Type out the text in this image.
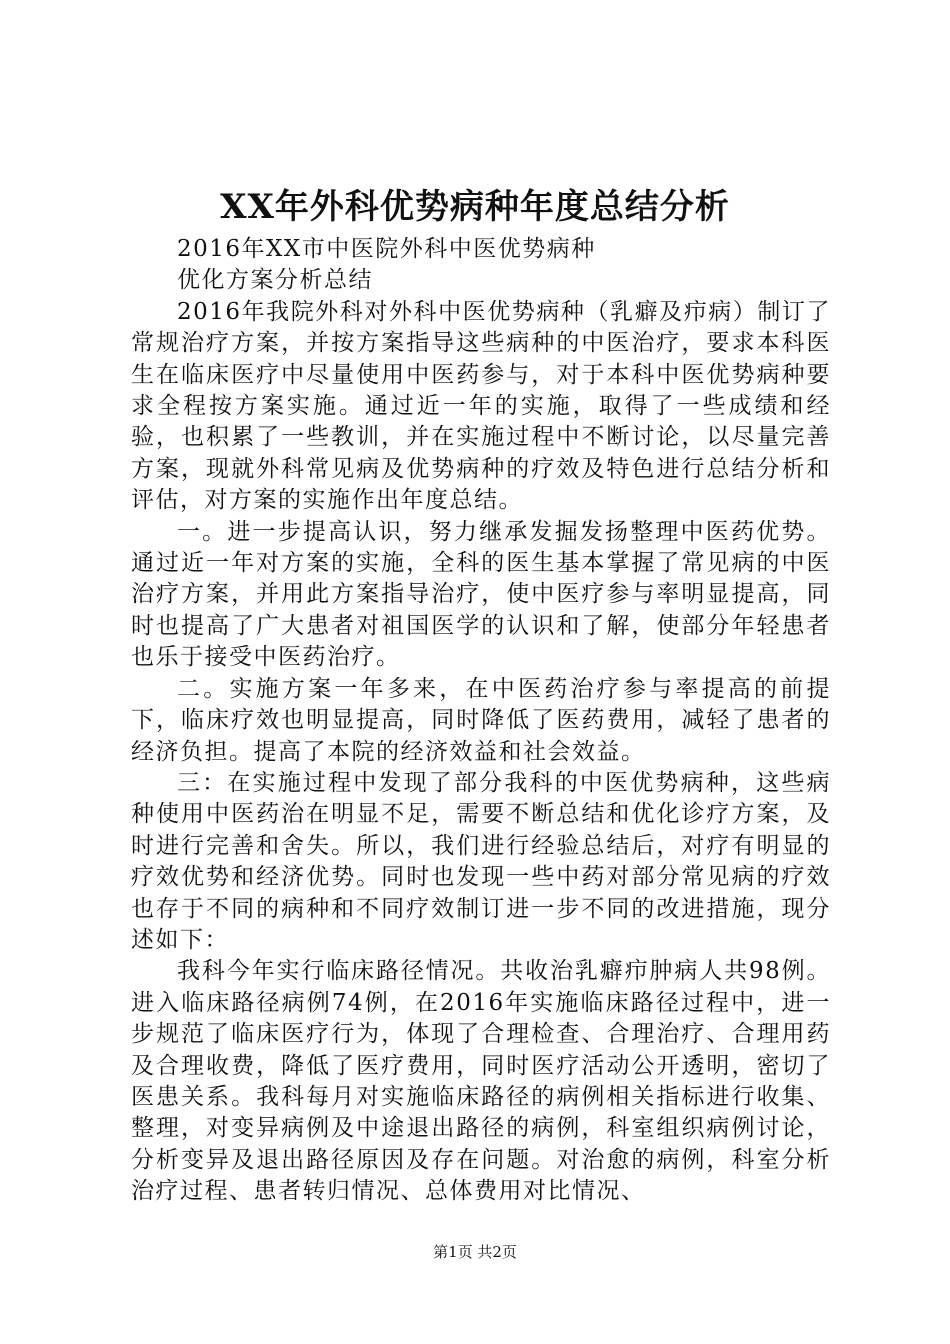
XX年外科优势病种年度总结分析

2016年XX市中医院外科中医优势病种

优化方案分析总结

2016年我院外科对外科中医优势病种（乳癖及疖病）制订了常规治疗方案，并按方案指导这些病种的中医治疗，要求本科医生在临床医疗中尽量使用中医药参与，对于本科中医优势病种要求全程按方案实施。通过近一年的实施，取得了一些成绩和经验，也积累了一些教训，并在实施过程中不断讨论，以尽量完善方案，现就外科常见病及优势病种的疗效及特色进行总结分析和评估，对方案的实施作出年度总结。

一。进一步提高认识，努力继承发掘发扬整理中医药优势。通过近一年对方案的实施，全科的医生基本掌握了常见病的中医治疗方案，并用此方案指导治疗，使中医疗参与率明显提高，同时也提高了广大患者对祖国医学的认识和了解，使部分年轻患者也乐于接受中医药治疗。

二。实施方案一年多来，在中医药治疗参与率提高的前提下，临床疗效也明显提高，同时降低了医药费用，减轻了患者的经济负担。提高了本院的经济效益和社会效益。

三：在实施过程中发现了部分我科的中医优势病种，这些病种使用中医药治在明显不足，需要不断总结和优化诊疗方案，及时进行完善和舍失。所以，我们进行经验总结后，对疗有明显的疗效优势和经济优势。同时也发现一些中药对部分常见病的疗效也存于不同的病种和不同疗效制订进一步不同的改进措施，现分述如下：

我科今年实行临床路径情况。共收治乳癖疖肿病人共98例。进入临床路径病例74例，在2016年实施临床路径过程中，进一步规范了临床医疗行为，体现了合理检查、合理治疗、合理用药及合理收费，降低了医疗费用，同时医疗活动公开透明，密切了医患关系。我科每月对实施临床路径的病例相关指标进行收集、整理，对变异病例及中途退出路径的病例，科室组织病例讨论，分析变异及退出路径原因及存在问题。对治愈的病例，科室分析治疗过程、患者转归情况、总体费用对比情况、

第1页 共2页
